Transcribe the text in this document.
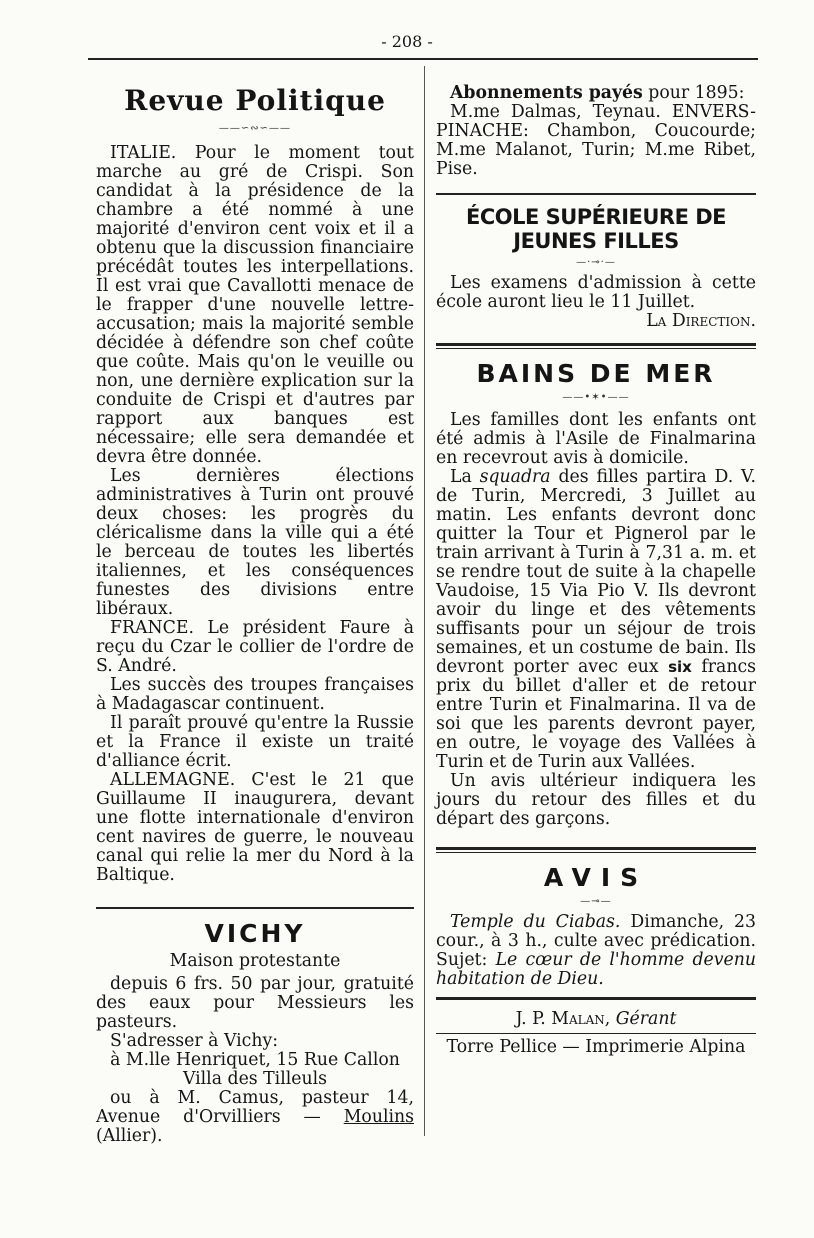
- 208 -
Revue Politique
——∽∾∽——

ITALIE. Pour le moment tout marche au gré de Crispi. Son candidat à la présidence de la chambre a été nommé à une majorité d'environ cent voix et il a obtenu que la discussion financiaire précédât toutes les interpellations. Il est vrai que Cavallotti menace de le frapper d'une nouvelle lettre-accusation; mais la majorité semble décidée à défendre son chef coûte que coûte. Mais qu'on le veuille ou non, une dernière explication sur la conduite de Crispi et d'autres par rapport aux banques est nécessaire; elle sera demandée et devra être donnée.

Les dernières élections administratives à Turin ont prouvé deux choses: les progrès du cléricalisme dans la ville qui a été le berceau de toutes les libertés italiennes, et les conséquences funestes des divisions entre libéraux.

FRANCE. Le président Faure à reçu du Czar le collier de l'ordre de S. André.

Les succès des troupes françaises à Madagascar continuent.

Il paraît prouvé qu'entre la Russie et la France il existe un traité d'alliance écrit.

ALLEMAGNE. C'est le 21 que Guillaume II inaugurera, devant une flotte internationale d'environ cent navires de guerre, le nouveau canal qui relie la mer du Nord à la Baltique.

VICHY

Maison protestante

depuis 6 frs. 50 par jour, gratuité des eaux pour Messieurs les pasteurs.

S'adresser à Vichy:

à M.lle Henriquet, 15 Rue Callon

Villa des Tilleuls

ou à M. Camus, pasteur 14, Avenue d'Orvilliers — Moulins (Allier).

Abonnements payés pour 1895:

M.me Dalmas, Teynau. ENVERS-PINACHE: Chambon, Coucourde; M.me Malanot, Turin; M.me Ribet, Pise.

ÉCOLE SUPÉRIEURE DE JEUNES FILLES
—·⊸·—

Les examens d'admission à cette école auront lieu le 11 Juillet.

La Direction.

BAINS DE MER
——•✶•——

Les familles dont les enfants ont été admis à l'Asile de Finalmarina en recevrout avis à domicile.

La squadra des filles partira D. V. de Turin, Mercredi, 3 Juillet au matin. Les enfants devront donc quitter la Tour et Pignerol par le train arrivant à Turin à 7,31 a. m. et se rendre tout de suite à la chapelle Vaudoise, 15 Via Pio V. Ils devront avoir du linge et des vêtements suffisants pour un séjour de trois semaines, et un costume de bain. Ils devront porter avec eux six francs prix du billet d'aller et de retour entre Turin et Finalmarina. Il va de soi que les parents devront payer, en outre, le voyage des Vallées à Turin et de Turin aux Vallées.

Un avis ultérieur indiquera les jours du retour des filles et du départ des garçons.

AVIS
—⊸—

Temple du Ciabas. Dimanche, 23 cour., à 3 h., culte avec prédication. Sujet: Le cœur de l'homme devenu habitation de Dieu.

J. P. Malan, Gérant

Torre Pellice — Imprimerie Alpina
